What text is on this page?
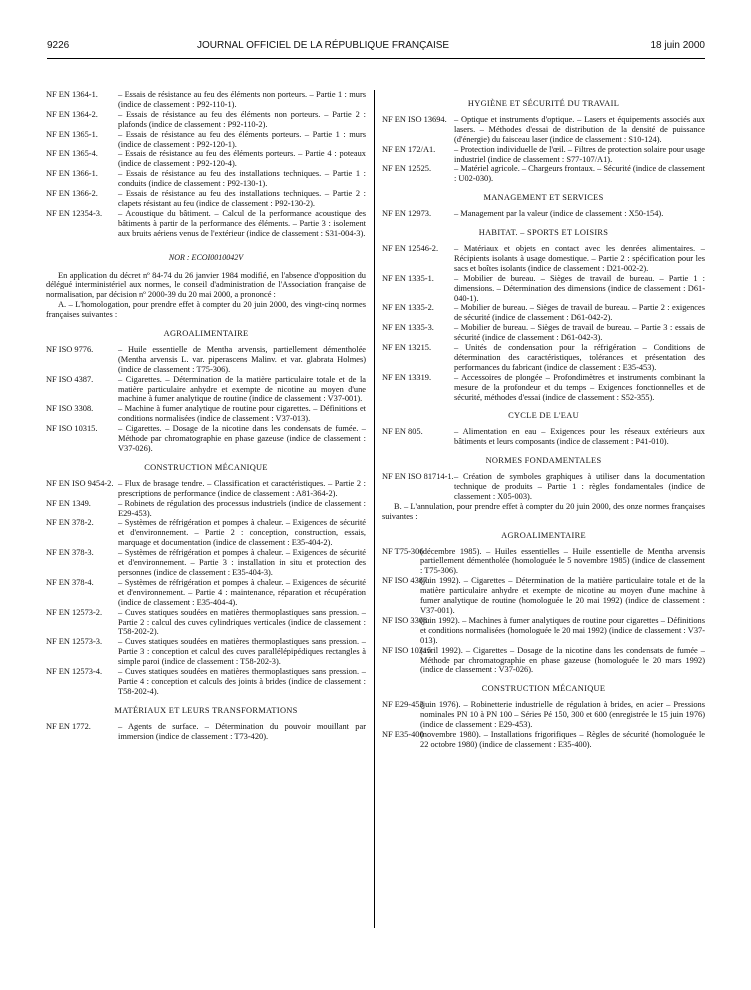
9226	JOURNAL OFFICIEL DE LA RÉPUBLIQUE FRANÇAISE	18 juin 2000

NF EN 1364-1. – Essais de résistance au feu des éléments non porteurs. – Partie 1 : murs (indice de classement : P92-110-1).

NF EN 1364-2. – Essais de résistance au feu des éléments non porteurs. – Partie 2 : plafonds (indice de classement : P92-110-2).

NF EN 1365-1. – Essais de résistance au feu des éléments porteurs. – Partie 1 : murs (indice de classement : P92-120-1).

NF EN 1365-4. – Essais de résistance au feu des éléments porteurs. – Partie 4 : poteaux (indice de classement : P92-120-4).

NF EN 1366-1. – Essais de résistance au feu des installations techniques. – Partie 1 : conduits (indice de classement : P92-130-1).

NF EN 1366-2. – Essais de résistance au feu des installations techniques. – Partie 2 : clapets résistant au feu (indice de classement : P92-130-2).

NF EN 12354-3. – Acoustique du bâtiment. – Calcul de la performance acoustique des bâtiments à partir de la performance des éléments. – Partie 3 : isolement aux bruits aériens venus de l'extérieur (indice de classement : S31-004-3).

NOR : ECOI0010042V

En application du décret nº 84-74 du 26 janvier 1984 modifié, en l'absence d'opposition du délégué interministériel aux normes, le conseil d'administration de l'Association française de normalisation, par décision nº 2000-39 du 20 mai 2000, a prononcé :

A. – L'homologation, pour prendre effet à compter du 20 juin 2000, des vingt-cinq normes françaises suivantes :

AGROALIMENTAIRE

NF ISO 9776.	– Huile essentielle de Mentha arvensis, partiellement démentholée (Mentha arvensis L. var. piperascens Malinv. et var. glabrata Holmes) (indice de classement : T75-306).

NF ISO 4387.	– Cigarettes. – Détermination de la matière particulaire totale et de la matière particulaire anhydre et exempte de nicotine au moyen d'une machine à fumer analytique de routine (indice de classement : V37-001).

NF ISO 3308.	– Machine à fumer analytique de routine pour cigarettes. – Définitions et conditions normalisées (indice de classement : V37-013).

NF ISO 10315. – Cigarettes. – Dosage de la nicotine dans les condensats de fumée. – Méthode par chromatographie en phase gazeuse (indice de classement : V37-026).

CONSTRUCTION MÉCANIQUE

NF EN ISO 9454-2. – Flux de brasage tendre. – Classification et caractéristiques. – Partie 2 : prescriptions de performance (indice de classement : A81-364-2).

NF EN 1349.	– Robinets de régulation des processus industriels (indice de classement : E29-453).

NF EN 378-2.	– Systèmes de réfrigération et pompes à chaleur. – Exigences de sécurité et d'environnement. – Partie 2 : conception, construction, essais, marquage et documentation (indice de classement : E35-404-2).

NF EN 378-3.	– Systèmes de réfrigération et pompes à chaleur. – Exigences de sécurité et d'environnement. – Partie 3 : installation in situ et protection des personnes (indice de classement : E35-404-3).

NF EN 378-4.	– Systèmes de réfrigération et pompes à chaleur. – Exigences de sécurité et d'environnement. – Partie 4 : maintenance, réparation et récupération (indice de classement : E35-404-4).

NF EN 12573-2. – Cuves statiques soudées en matières thermoplastiques sans pression. – Partie 2 : calcul des cuves cylindriques verticales (indice de classement : T58-202-2).

NF EN 12573-3. – Cuves statiques soudées en matières thermoplastiques sans pression. – Partie 3 : conception et calcul des cuves parallélépipédiques rectangles à simple paroi (indice de classement : T58-202-3).

NF EN 12573-4. – Cuves statiques soudées en matières thermoplastiques sans pression. – Partie 4 : conception et calculs des joints à brides (indice de classement : T58-202-4).

MATÉRIAUX ET LEURS TRANSFORMATIONS

NF EN 1772.	– Agents de surface. – Détermination du pouvoir mouillant par immersion (indice de classement : T73-420).

HYGIÈNE ET SÉCURITÉ DU TRAVAIL

NF EN ISO 13694. – Optique et instruments d'optique. – Lasers et équipements associés aux lasers. – Méthodes d'essai de distribution de la densité de puissance (d'énergie) du faisceau laser (indice de classement : S10-124).

NF EN 172/A1. – Protection individuelle de l'œil. – Filtres de protection solaire pour usage industriel (indice de classement : S77-107/A1).

NF EN 12525.	– Matériel agricole. – Chargeurs frontaux. – Sécurité (indice de classement : U02-030).

MANAGEMENT ET SERVICES

NF EN 12973.	– Management par la valeur (indice de classement : X50-154).

HABITAT. – SPORTS ET LOISIRS

NF EN 12546-2. – Matériaux et objets en contact avec les denrées alimentaires. – Récipients isolants à usage domestique. – Partie 2 : spécification pour les sacs et boîtes isolants (indice de classement : D21-002-2).

NF EN 1335-1. – Mobilier de bureau. – Sièges de travail de bureau. – Partie 1 : dimensions. – Détermination des dimensions (indice de classement : D61-040-1).

NF EN 1335-2. – Mobilier de bureau. – Sièges de travail de bureau. – Partie 2 : exigences de sécurité (indice de classement : D61-042-2).

NF EN 1335-3. – Mobilier de bureau. – Sièges de travail de bureau. – Partie 3 : essais de sécurité (indice de classement : D61-042-3).

NF EN 13215.	– Unités de condensation pour la réfrigération – Conditions de détermination des caractéristiques, tolérances et présentation des performances du fabricant (indice de classement : E35-453).

NF EN 13319.	– Accessoires de plongée – Profondimètres et instruments combinant la mesure de la profondeur et du temps – Exigences fonctionnelles et de sécurité, méthodes d'essai (indice de classement : S52-355).

CYCLE DE L'EAU

NF EN 805.	– Alimentation en eau – Exigences pour les réseaux extérieurs aux bâtiments et leurs composants (indice de classement : P41-010).

NORMES FONDAMENTALES

NF EN ISO 81714-1. – Création de symboles graphiques à utiliser dans la documentation technique de produits – Partie 1 : règles fondamentales (indice de classement : X05-003).

B. – L'annulation, pour prendre effet à compter du 20 juin 2000, des onze normes françaises suivantes :

AGROALIMENTAIRE

NF T75-306
(décembre 1985). – Huiles essentielles – Huile essentielle de Mentha arvensis partiellement démentholée (homologuée le 5 novembre 1985) (indice de classement : T75-306).

NF ISO 4387
(juin 1992). – Cigarettes – Détermination de la matière particulaire totale et de la matière particulaire anhydre et exempte de nicotine au moyen d'une machine à fumer analytique de routine (homologuée le 20 mai 1992) (indice de classement : V37-001).

NF ISO 3308
(juin 1992). – Machines à fumer analytiques de routine pour cigarettes – Définitions et conditions normalisées (homologuée le 20 mai 1992) (indice de classement : V37-013).

NF ISO 10315
(avril 1992). – Cigarettes – Dosage de la nicotine dans les condensats de fumée – Méthode par chromatographie en phase gazeuse (homologuée le 20 mars 1992) (indice de classement : V37-026).

CONSTRUCTION MÉCANIQUE

NF E29-453
(juin 1976). – Robinetterie industrielle de régulation à brides, en acier – Pressions nominales PN 10 à PN 100 – Séries Pé 150, 300 et 600 (enregistrée le 15 juin 1976) (indice de classement : E29-453).

NF E35-400
(novembre 1980). – Installations frigorifiques – Règles de sécurité (homologuée le 22 octobre 1980) (indice de classement : E35-400).
